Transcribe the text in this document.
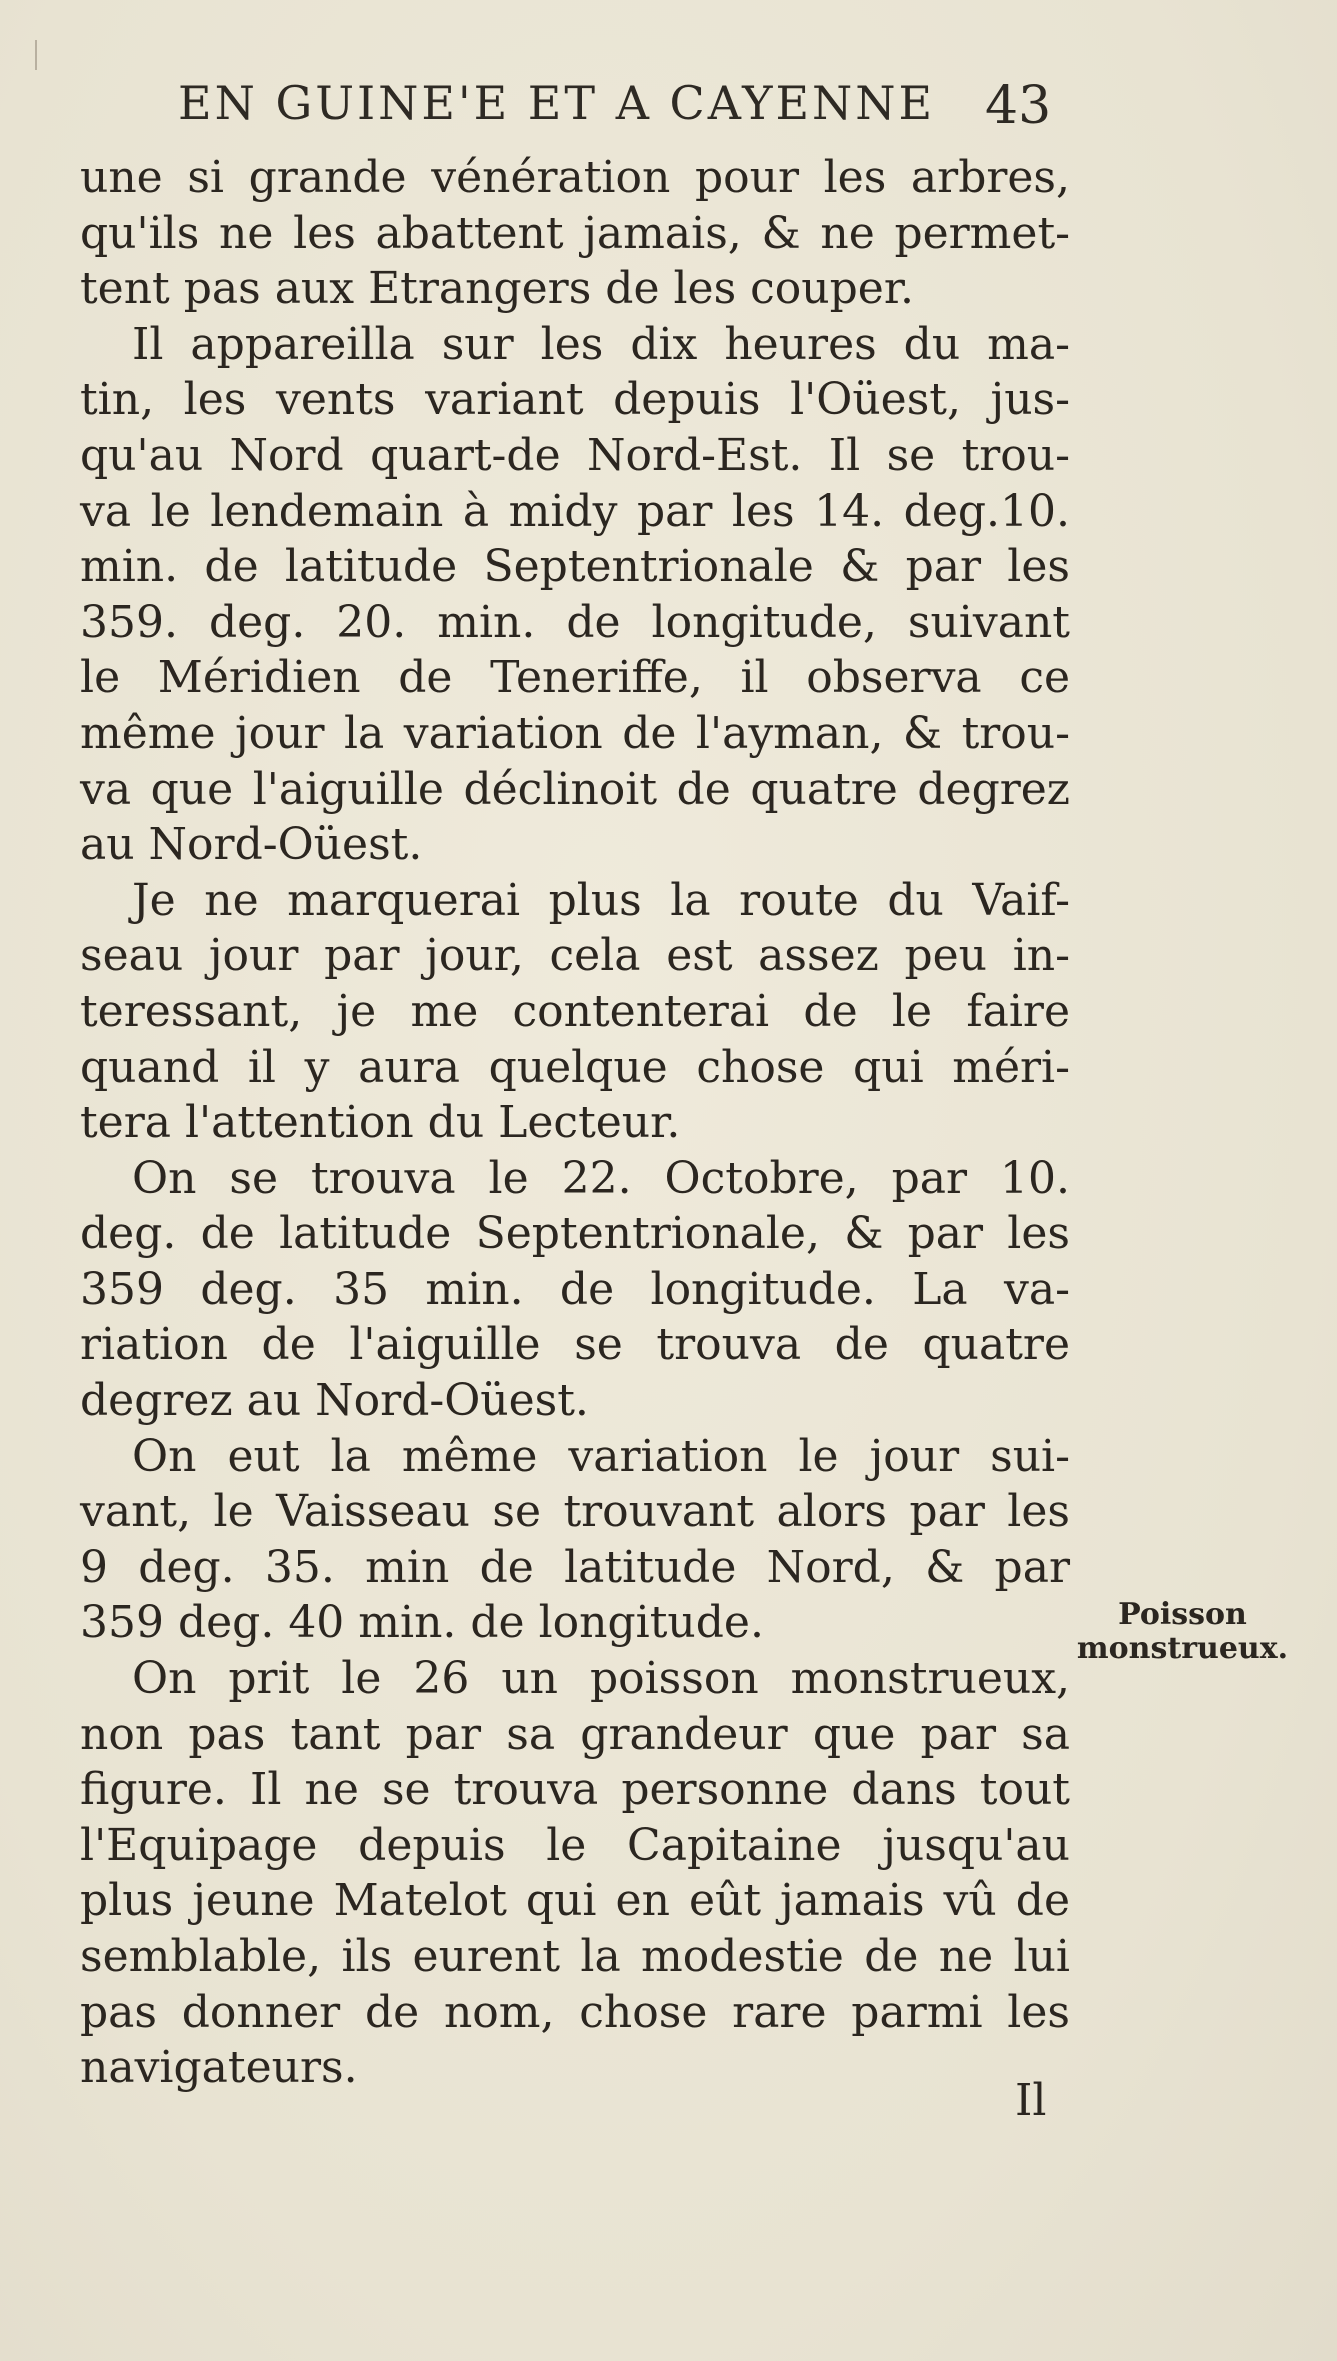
EN GUINE'E ET A CAYENNE 43
une si grande vénération pour les arbres,
qu'ils ne les abattent jamais, & ne permet-
tent pas aux Etrangers de les couper.
Il appareilla sur les dix heures du ma-
tin, les vents variant depuis l'Oüest, jus-
qu'au Nord quart-de Nord-Est. Il se trou-
va le lendemain à midy par les 14. deg.10.
min. de latitude Septentrionale & par les
359. deg. 20. min. de longitude, suivant
le Méridien de Teneriffe, il observa ce
même jour la variation de l'ayman, & trou-
va que l'aiguille déclinoit de quatre degrez
au Nord-Oüest.
Je ne marquerai plus la route du Vaif-
seau jour par jour, cela est assez peu in-
teressant, je me contenterai de le faire
quand il y aura quelque chose qui méri-
tera l'attention du Lecteur.
On se trouva le 22. Octobre, par 10.
deg. de latitude Septentrionale, & par les
359 deg. 35 min. de longitude. La va-
riation de l'aiguille se trouva de quatre
degrez au Nord-Oüest.
On eut la même variation le jour sui-
vant, le Vaisseau se trouvant alors par les
9 deg. 35. min de latitude Nord, & par
359 deg. 40 min. de longitude.
On prit le 26 un poisson monstrueux,
non pas tant par sa grandeur que par sa
figure. Il ne se trouva personne dans tout
l'Equipage depuis le Capitaine jusqu'au
plus jeune Matelot qui en eût jamais vû de
semblable, ils eurent la modestie de ne lui
pas donner de nom, chose rare parmi les
navigateurs.
Poisson
monstrueux.
Il
